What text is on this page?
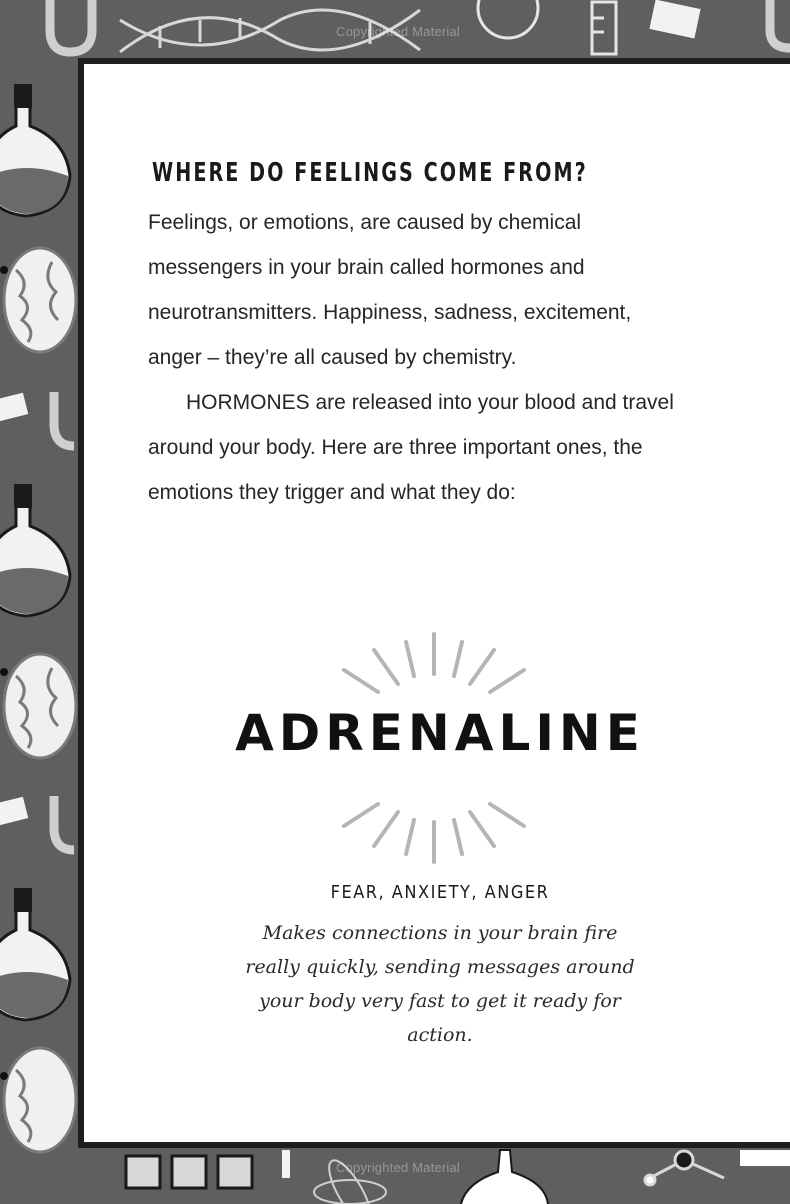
Copyrighted Material
Copyrighted Material
WHERE DO FEELINGS COME FROM?

Feelings, or emotions, are caused by chemical messengers in your brain called hormones and neurotransmitters. Happiness, sadness, excitement, anger – they’re all caused by chemistry.

HORMONES are released into your blood and travel around your body. Here are three important ones, the emotions they trigger and what they do:

ADRENALINE

FEAR, ANXIETY, ANGER

Makes connections in your brain fire really quickly, sending messages around your body very fast to get it ready for action.
